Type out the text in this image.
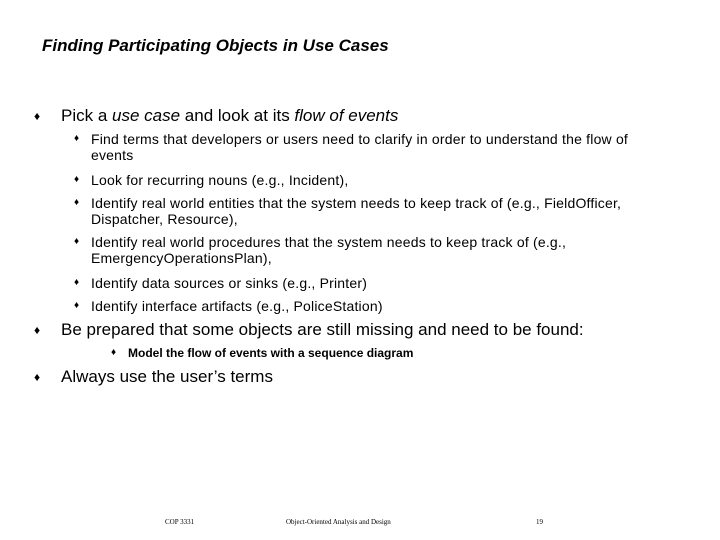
Finding Participating Objects in Use Cases
♦ Pick a use case and look at its flow of events
♦ Find terms that developers or users need to clarify in order to understand the flow of events
♦ Look for recurring nouns (e.g., Incident),
♦ Identify real world entities that the system needs to keep track of (e.g., FieldOfficer, Dispatcher, Resource),
♦ Identify real world procedures that the system needs to keep track of (e.g., EmergencyOperationsPlan),
♦ Identify data sources or sinks (e.g., Printer)
♦ Identify interface artifacts (e.g., PoliceStation)
♦ Be prepared that some objects are still missing and need to be found:
♦ Model the flow of events with a sequence diagram
♦ Always use the user’s terms
COP 3331	Object-Oriented Analysis and Design	19
